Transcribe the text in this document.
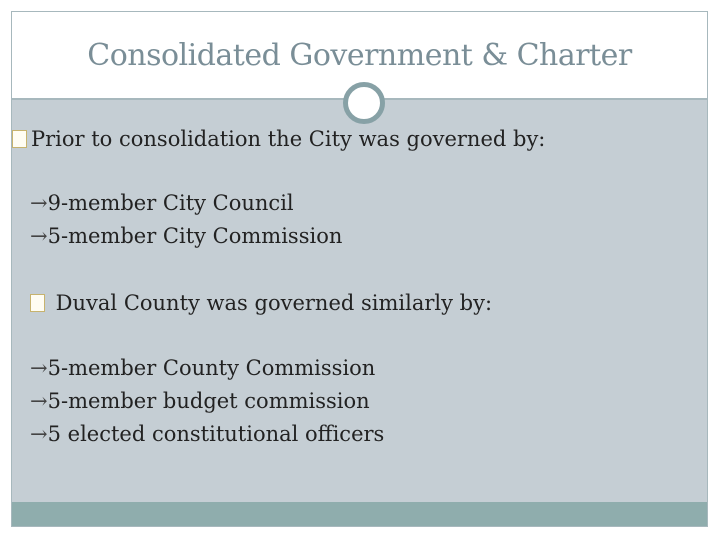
Consolidated Government & Charter
Prior to consolidation the City was governed by:
→9-member City Council
→5-member City Commission
Duval County was governed similarly by:
→5-member County Commission
→5-member budget commission
→5 elected constitutional officers
